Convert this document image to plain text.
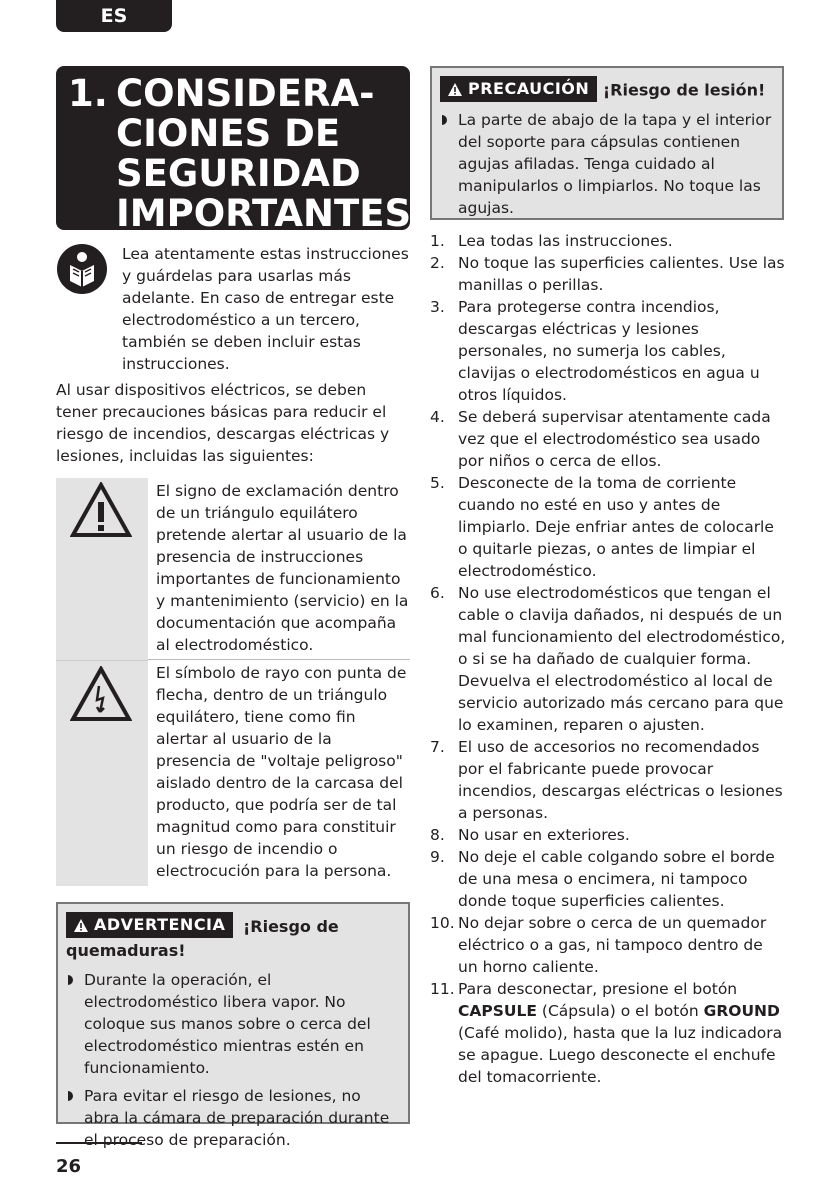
ES
1. CONSIDERA-
CIONES DE
SEGURIDAD
IMPORTANTES
Lea atentamente estas instrucciones y guárdelas para usarlas más adelante. En caso de entregar este electrodoméstico a un tercero, también se deben incluir estas instrucciones.
Al usar dispositivos eléctricos, se deben tener precauciones básicas para reducir el riesgo de incendios, descargas eléctricas y lesiones, incluidas las siguientes:
El signo de exclamación dentro de un triángulo equilátero pretende alertar al usuario de la presencia de instrucciones importantes de funcionamiento y mantenimiento (servicio) en la documentación que acompaña al electrodoméstico.
El símbolo de rayo con punta de flecha, dentro de un triángulo equilátero, tiene como fin alertar al usuario de la presencia de "voltaje peligroso" aislado dentro de la carcasa del producto, que podría ser de tal magnitud como para constituir un riesgo de incendio o electrocución para la persona.
ADVERTENCIA ¡Riesgo de quemaduras!
Durante la operación, el electrodoméstico libera vapor. No coloque sus manos sobre o cerca del electrodoméstico mientras estén en funcionamiento.
Para evitar el riesgo de lesiones, no abra la cámara de preparación durante el proceso de preparación.
PRECAUCIÓN ¡Riesgo de lesión!
La parte de abajo de la tapa y el interior del soporte para cápsulas contienen agujas afiladas. Tenga cuidado al manipularlos o limpiarlos. No toque las agujas.
1. Lea todas las instrucciones.
2. No toque las superficies calientes. Use las manillas o perillas.
3. Para protegerse contra incendios, descargas eléctricas y lesiones personales, no sumerja los cables, clavijas o electrodomésticos en agua u otros líquidos.
4. Se deberá supervisar atentamente cada vez que el electrodoméstico sea usado por niños o cerca de ellos.
5. Desconecte de la toma de corriente cuando no esté en uso y antes de limpiarlo. Deje enfriar antes de colocarle o quitarle piezas, o antes de limpiar el electrodoméstico.
6. No use electrodomésticos que tengan el cable o clavija dañados, ni después de un mal funcionamiento del electrodoméstico, o si se ha dañado de cualquier forma. Devuelva el electrodoméstico al local de servicio autorizado más cercano para que lo examinen, reparen o ajusten.
7. El uso de accesorios no recomendados por el fabricante puede provocar incendios, descargas eléctricas o lesiones a personas.
8. No usar en exteriores.
9. No deje el cable colgando sobre el borde de una mesa o encimera, ni tampoco donde toque superficies calientes.
10. No dejar sobre o cerca de un quemador eléctrico o a gas, ni tampoco dentro de un horno caliente.
11. Para desconectar, presione el botón CAPSULE (Cápsula) o el botón GROUND (Café molido), hasta que la luz indicadora se apague. Luego desconecte el enchufe del tomacorriente.
26
